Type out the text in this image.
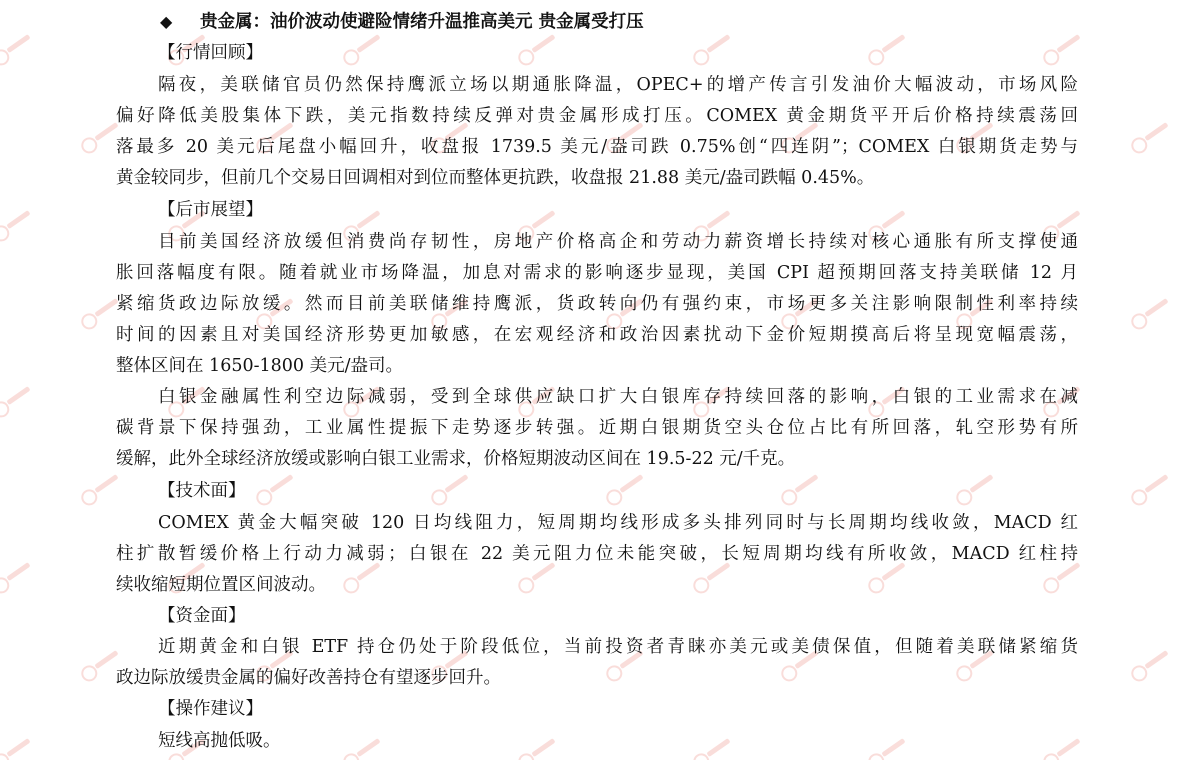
◆ 贵金属：油价波动使避险情绪升温推高美元 贵金属受打压
【行情回顾】
隔夜，美联储官员仍然保持鹰派立场以期通胀降温，OPEC+的增产传言引发油价大幅波动，市场风险
偏好降低美股集体下跌，美元指数持续反弹对贵金属形成打压。COMEX 黄金期货平开后价格持续震荡回
落最多 20 美元后尾盘小幅回升，收盘报 1739.5 美元/盎司跌 0.75%创“四连阴”；COMEX 白银期货走势与
黄金较同步，但前几个交易日回调相对到位而整体更抗跌，收盘报 21.88 美元/盎司跌幅 0.45%。
【后市展望】
目前美国经济放缓但消费尚存韧性，房地产价格高企和劳动力薪资增长持续对核心通胀有所支撑使通
胀回落幅度有限。随着就业市场降温，加息对需求的影响逐步显现，美国 CPI 超预期回落支持美联储 12 月
紧缩货政边际放缓。然而目前美联储维持鹰派，货政转向仍有强约束，市场更多关注影响限制性利率持续
时间的因素且对美国经济形势更加敏感，在宏观经济和政治因素扰动下金价短期摸高后将呈现宽幅震荡，
整体区间在 1650-1800 美元/盎司。
白银金融属性利空边际减弱，受到全球供应缺口扩大白银库存持续回落的影响，白银的工业需求在减
碳背景下保持强劲，工业属性提振下走势逐步转强。近期白银期货空头仓位占比有所回落，轧空形势有所
缓解，此外全球经济放缓或影响白银工业需求，价格短期波动区间在 19.5-22 元/千克。
【技术面】
COMEX 黄金大幅突破 120 日均线阻力，短周期均线形成多头排列同时与长周期均线收敛，MACD 红
柱扩散暂缓价格上行动力减弱；白银在 22 美元阻力位未能突破，长短周期均线有所收敛，MACD 红柱持
续收缩短期位置区间波动。
【资金面】
近期黄金和白银 ETF 持仓仍处于阶段低位，当前投资者青睐亦美元或美债保值，但随着美联储紧缩货
政边际放缓贵金属的偏好改善持仓有望逐步回升。
【操作建议】
短线高抛低吸。
